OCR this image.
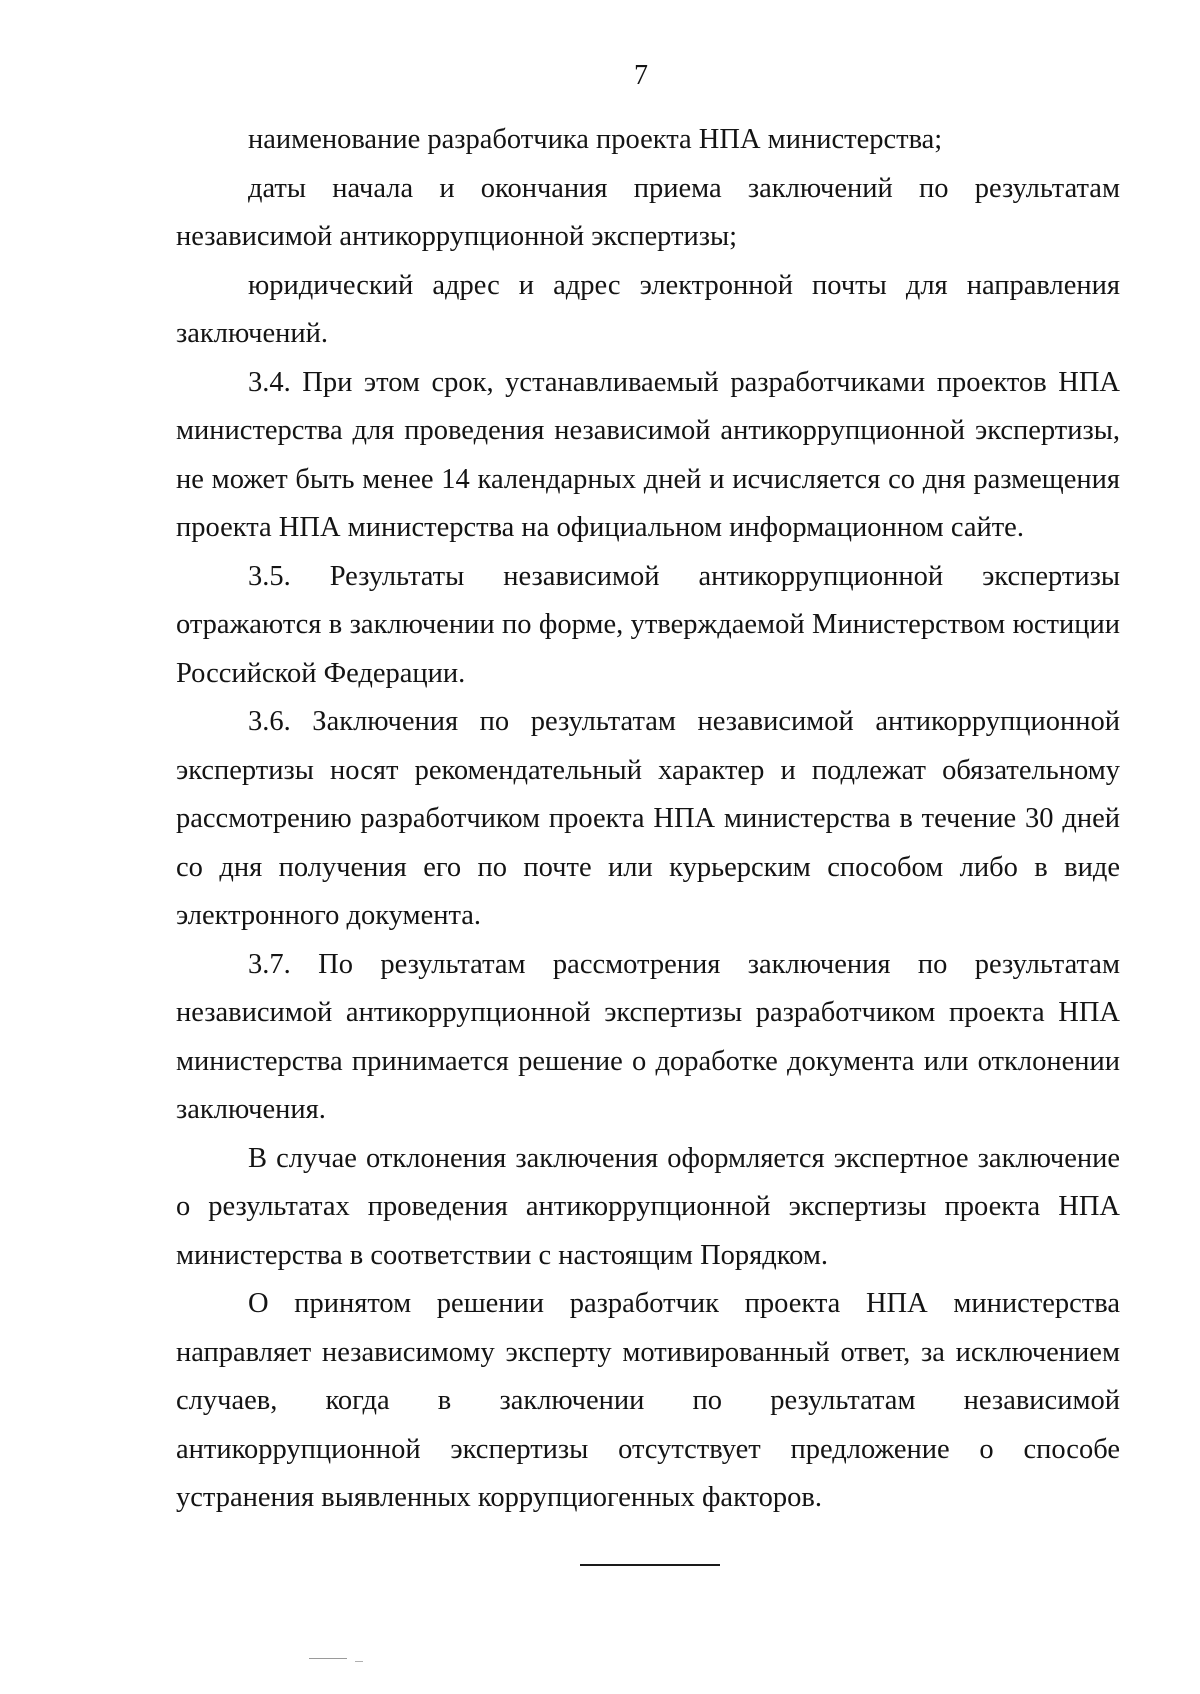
7

наименование разработчика проекта НПА министерства;

даты начала и окончания приема заключений по результатам независимой антикоррупционной экспертизы;

юридический адрес и адрес электронной почты для направления заключений.

3.4. При этом срок, устанавливаемый разработчиками проектов НПА министерства для проведения независимой антикоррупционной экспертизы, не может быть менее 14 календарных дней и исчисляется со дня размещения проекта НПА министерства на официальном информационном сайте.

3.5. Результаты независимой антикоррупционной экспертизы отражаются в заключении по форме, утверждаемой Министерством юстиции Российской Федерации.

3.6. Заключения по результатам независимой антикоррупционной экспертизы носят рекомендательный характер и подлежат обязательному рассмотрению разработчиком проекта НПА министерства в течение 30 дней со дня получения его по почте или курьерским способом либо в виде электронного документа.

3.7. По результатам рассмотрения заключения по результатам независимой антикоррупционной экспертизы разработчиком проекта НПА министерства принимается решение о доработке документа или отклонении заключения.

В случае отклонения заключения оформляется экспертное заключение о результатах проведения антикоррупционной экспертизы проекта НПА министерства в соответствии с настоящим Порядком.

О принятом решении разработчик проекта НПА министерства направляет независимому эксперту мотивированный ответ, за исключением случаев, когда в заключении по результатам независимой антикоррупционной экспертизы отсутствует предложение о способе устранения выявленных коррупциогенных факторов.
